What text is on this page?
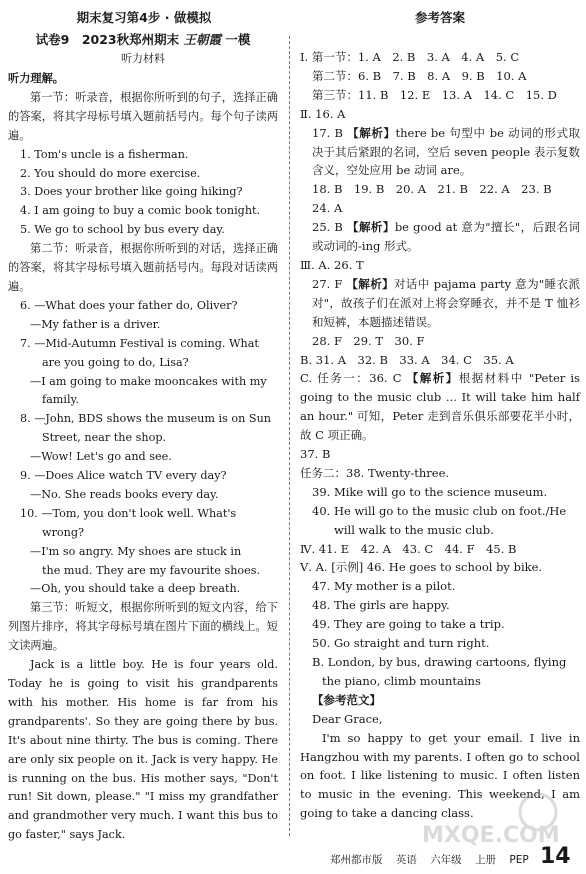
期末复习第4步 · 做模拟	参考答案
试卷9　2023秋郑州期末 王朝霞 一模
听力材料

听力理解。

第一节：听录音，根据你所听到的句子，选择正确的答案，将其字母标号填入题前括号内。每个句子读两遍。

1. Tom's uncle is a fisherman.

2. You should do more exercise.

3. Does your brother like going hiking?

4. I am going to buy a comic book tonight.

5. We go to school by bus every day.

第二节：听录音，根据你所听到的对话，选择正确的答案，将其字母标号填入题前括号内。每段对话读两遍。

6. —What does your father do, Oliver?

—My father is a driver.

7. —Mid-Autumn Festival is coming. What

are you going to do, Lisa?

—I am going to make mooncakes with my

family.

8. —John, BDS shows the museum is on Sun

Street, near the shop.

—Wow! Let's go and see.

9. —Does Alice watch TV every day?

—No. She reads books every day.

10. —Tom, you don't look well. What's

wrong?

—I'm so angry. My shoes are stuck in

the mud. They are my favourite shoes.

—Oh, you should take a deep breath.

第三节：听短文，根据你所听到的短文内容，给下列图片排序，将其字母标号填在图片下面的横线上。短文读两遍。

Jack is a little boy. He is four years old. Today he is going to visit his grandparents with his mother. His home is far from his grandparents'. So they are going there by bus. It's about nine thirty. The bus is coming. There are only six people on it. Jack is very happy. He is running on the bus. His mother says, "Don't run! Sit down, please." "I miss my grandfather and grandmother very much. I want this bus to go faster," says Jack.

Ⅰ. 第一节：1. A　2. B　3. A　4. A　5. C

第二节：6. B　7. B　8. A　9. B　10. A

第三节：11. B　12. E　13. A　14. C　15. D

Ⅱ. 16. A

17. B 【解析】there be 句型中 be 动词的形式取决于其后紧跟的名词，空后 seven people 表示复数含义，空处应用 be 动词 are。

18. B　19. B　20. A　21. B　22. A　23. B

24. A

25. B 【解析】be good at 意为"擅长"，后跟名词或动词的-ing 形式。

Ⅲ. A. 26. T

27. F 【解析】对话中 pajama party 意为"睡衣派对"，故孩子们在派对上将会穿睡衣，并不是 T 恤衫和短裤，本题描述错误。

28. F　29. T　30. F

B. 31. A　32. B　33. A　34. C　35. A

C. 任务一：36. C 【解析】根据材料中 "Peter is going to the music club ... It will take him half an hour." 可知，Peter 走到音乐俱乐部要花半小时，故 C 项正确。

37. B

任务二：38. Twenty-three.

39. Mike will go to the science museum.

40. He will go to the music club on foot./He

will walk to the music club.

Ⅳ. 41. E　42. A　43. C　44. F　45. B

Ⅴ. A. [示例] 46. He goes to school by bike.

47. My mother is a pilot.

48. The girls are happy.

49. They are going to take a trip.

50. Go straight and turn right.

B. London, by bus, drawing cartoons, flying

the piano, climb mountains

【参考范文】

Dear Grace,

I'm so happy to get your email. I live in Hangzhou with my parents. I often go to school on foot. I like listening to music. I often listen to music in the evening. This weekend, I am going to take a dancing class.

MXQE.COM
郑州都市版 英语 六年级 上册 PEP 14
